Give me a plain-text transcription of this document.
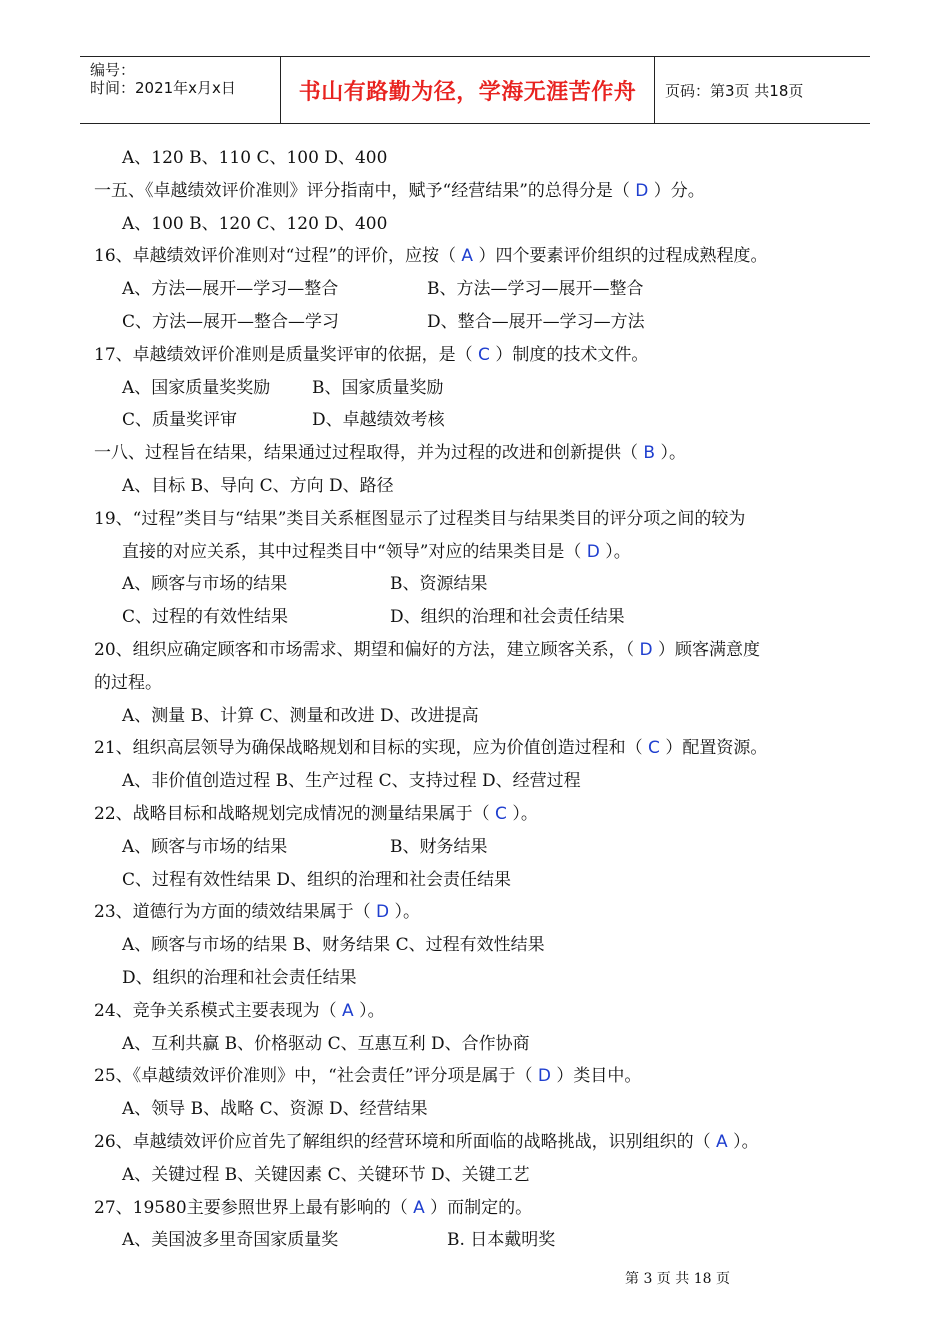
编号：
时间：2021年x月x日	书山有路勤为径，学海无涯苦作舟	页码：第3页 共18页
A、120 B、110 C、100 D、400
一五、《卓越绩效评价准则》评分指南中，赋予“经营结果”的总得分是（ D ）分。
A、100 B、120 C、120 D、400
16、卓越绩效评价准则对“过程”的评价，应按（ A ）四个要素评价组织的过程成熟程度。
A、方法—展开—学习—整合	B、方法—学习—展开—整合
C、方法—展开—整合—学习	D、整合—展开—学习—方法
17、卓越绩效评价准则是质量奖评审的依据，是（ C ）制度的技术文件。
A、国家质量奖奖励 B、国家质量奖励
C、质量奖评审	D、卓越绩效考核
一八、过程旨在结果，结果通过过程取得，并为过程的改进和创新提供（ B ）。
A、目标 B、导向 C、方向 D、路径
19、“过程”类目与“结果”类目关系框图显示了过程类目与结果类目的评分项之间的较为
直接的对应关系，其中过程类目中“领导”对应的结果类目是（ D ）。
A、顾客与市场的结果	B、资源结果
C、过程的有效性结果	D、组织的治理和社会责任结果
20、组织应确定顾客和市场需求、期望和偏好的方法，建立顾客关系，（ D ）顾客满意度
的过程。
A、测量 B、计算 C、测量和改进 D、改进提高
21、组织高层领导为确保战略规划和目标的实现，应为价值创造过程和（ C ）配置资源。
A、非价值创造过程 B、生产过程 C、支持过程 D、经营过程
22、战略目标和战略规划完成情况的测量结果属于（ C ）。
A、顾客与市场的结果	B、财务结果
C、过程有效性结果 D、组织的治理和社会责任结果
23、道德行为方面的绩效结果属于（ D ）。
A、顾客与市场的结果 B、财务结果 C、过程有效性结果
D、组织的治理和社会责任结果
24、竞争关系模式主要表现为（ A ）。
A、互利共赢 B、价格驱动 C、互惠互利 D、合作协商
25、《卓越绩效评价准则》中，“社会责任”评分项是属于（ D ）类目中。
A、领导 B、战略 C、资源 D、经营结果
26、卓越绩效评价应首先了解组织的经营环境和所面临的战略挑战，识别组织的（ A ）。
A、关键过程 B、关键因素 C、关键环节 D、关键工艺
27、19580主要参照世界上最有影响的（ A ）而制定的。
A、美国波多里奇国家质量奖	B. 日本戴明奖
第 3 页 共 18 页
